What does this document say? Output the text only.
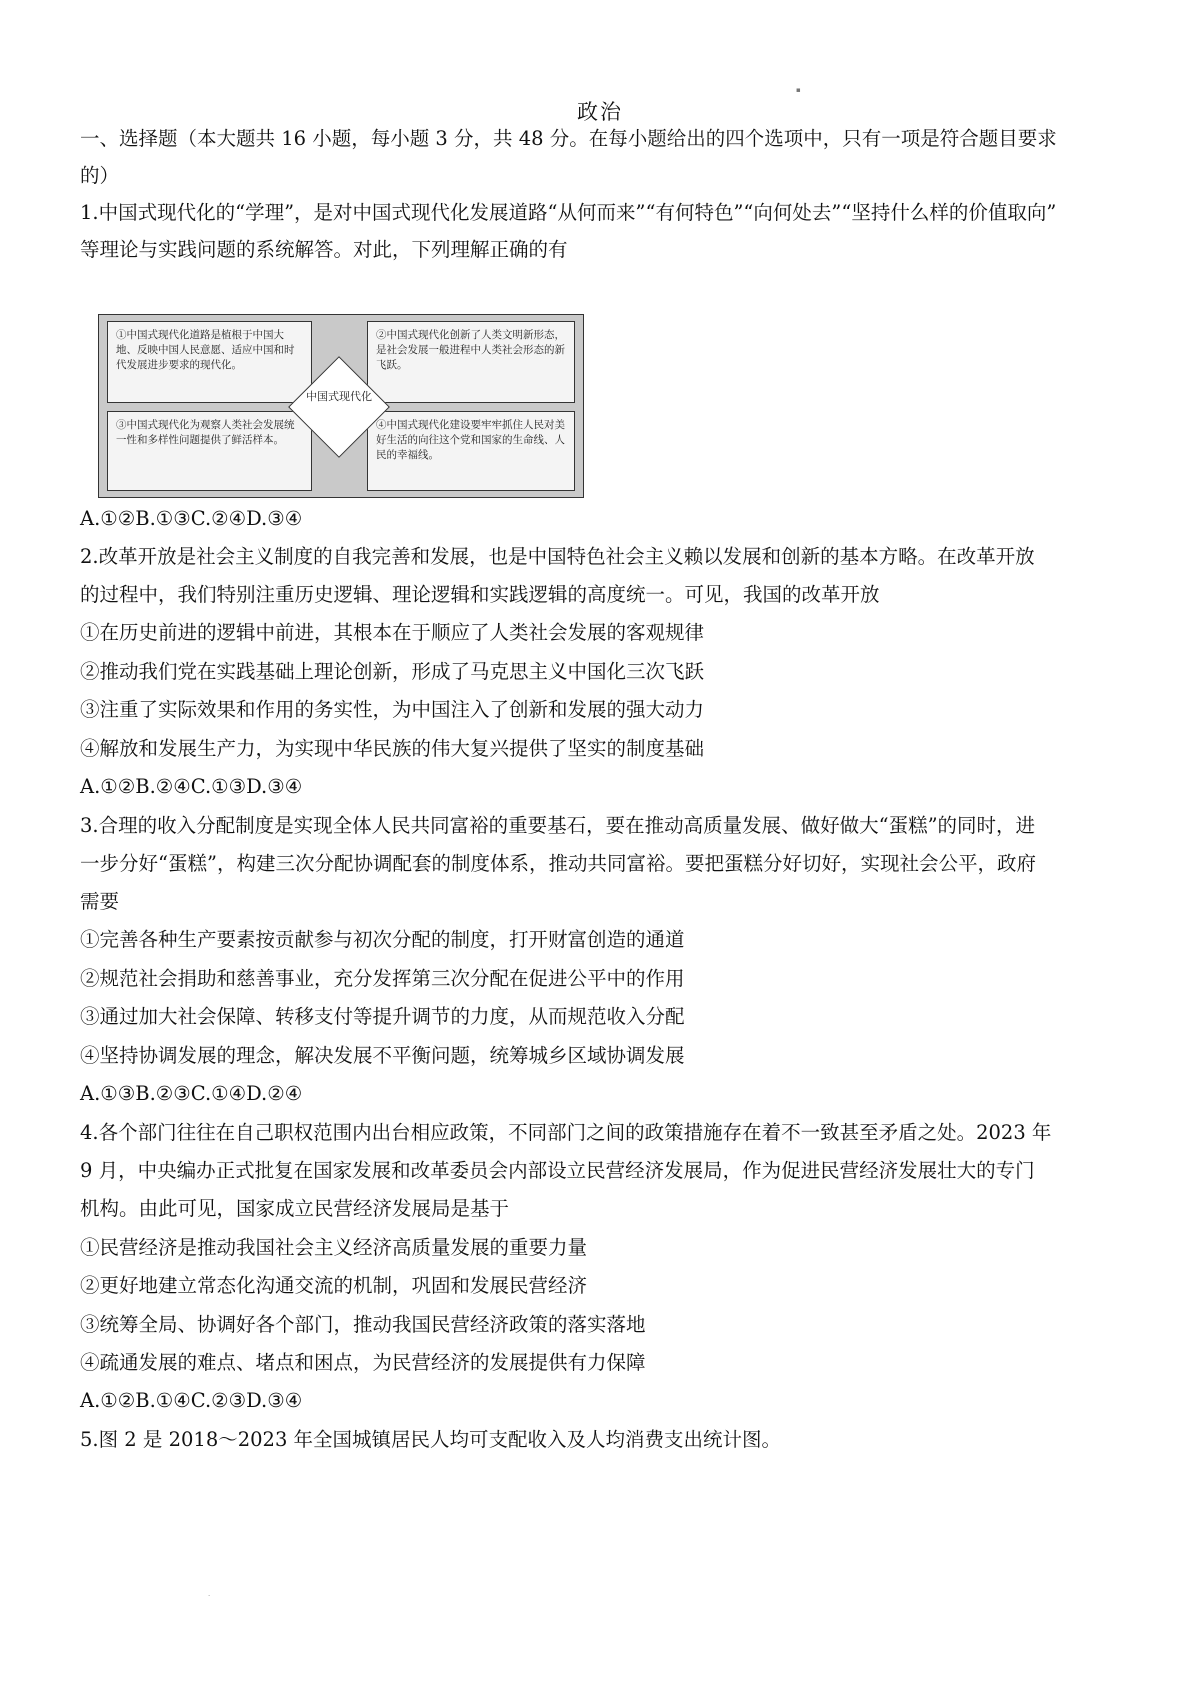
▪
·
政治
一、选择题（本大题共 16 小题，每小题 3 分，共 48 分。在每小题给出的四个选项中，只有一项是符合题目要求
的）
1.中国式现代化的“学理”，是对中国式现代化发展道路“从何而来”“有何特色”“向何处去”“坚持什么样的价值取向”
等理论与实践问题的系统解答。对此，下列理解正确的有
①中国式现代化道路是植根于中国大地、反映中国人民意愿、适应中国和时代发展进步要求的现代化。
②中国式现代化创新了人类文明新形态，是社会发展一般进程中人类社会形态的新飞跃。
③中国式现代化为观察人类社会发展统一性和多样性问题提供了鲜活样本。
④中国式现代化建设要牢牢抓住人民对美好生活的向往这个党和国家的生命线、人民的幸福线。
中国式现代化
A.①②B.①③C.②④D.③④
2.改革开放是社会主义制度的自我完善和发展，也是中国特色社会主义赖以发展和创新的基本方略。在改革开放
的过程中，我们特别注重历史逻辑、理论逻辑和实践逻辑的高度统一。可见，我国的改革开放
①在历史前进的逻辑中前进，其根本在于顺应了人类社会发展的客观规律
②推动我们党在实践基础上理论创新，形成了马克思主义中国化三次飞跃
③注重了实际效果和作用的务实性，为中国注入了创新和发展的强大动力
④解放和发展生产力，为实现中华民族的伟大复兴提供了坚实的制度基础
A.①②B.②④C.①③D.③④
3.合理的收入分配制度是实现全体人民共同富裕的重要基石，要在推动高质量发展、做好做大“蛋糕”的同时，进
一步分好“蛋糕”，构建三次分配协调配套的制度体系，推动共同富裕。要把蛋糕分好切好，实现社会公平，政府
需要
①完善各种生产要素按贡献参与初次分配的制度，打开财富创造的通道
②规范社会捐助和慈善事业，充分发挥第三次分配在促进公平中的作用
③通过加大社会保障、转移支付等提升调节的力度，从而规范收入分配
④坚持协调发展的理念，解决发展不平衡问题，统筹城乡区域协调发展
A.①③B.②③C.①④D.②④
4.各个部门往往在自己职权范围内出台相应政策，不同部门之间的政策措施存在着不一致甚至矛盾之处。2023 年
9 月，中央编办正式批复在国家发展和改革委员会内部设立民营经济发展局，作为促进民营经济发展壮大的专门
机构。由此可见，国家成立民营经济发展局是基于
①民营经济是推动我国社会主义经济高质量发展的重要力量
②更好地建立常态化沟通交流的机制，巩固和发展民营经济
③统筹全局、协调好各个部门，推动我国民营经济政策的落实落地
④疏通发展的难点、堵点和困点，为民营经济的发展提供有力保障
A.①②B.①④C.②③D.③④
5.图 2 是 2018～2023 年全国城镇居民人均可支配收入及人均消费支出统计图。
